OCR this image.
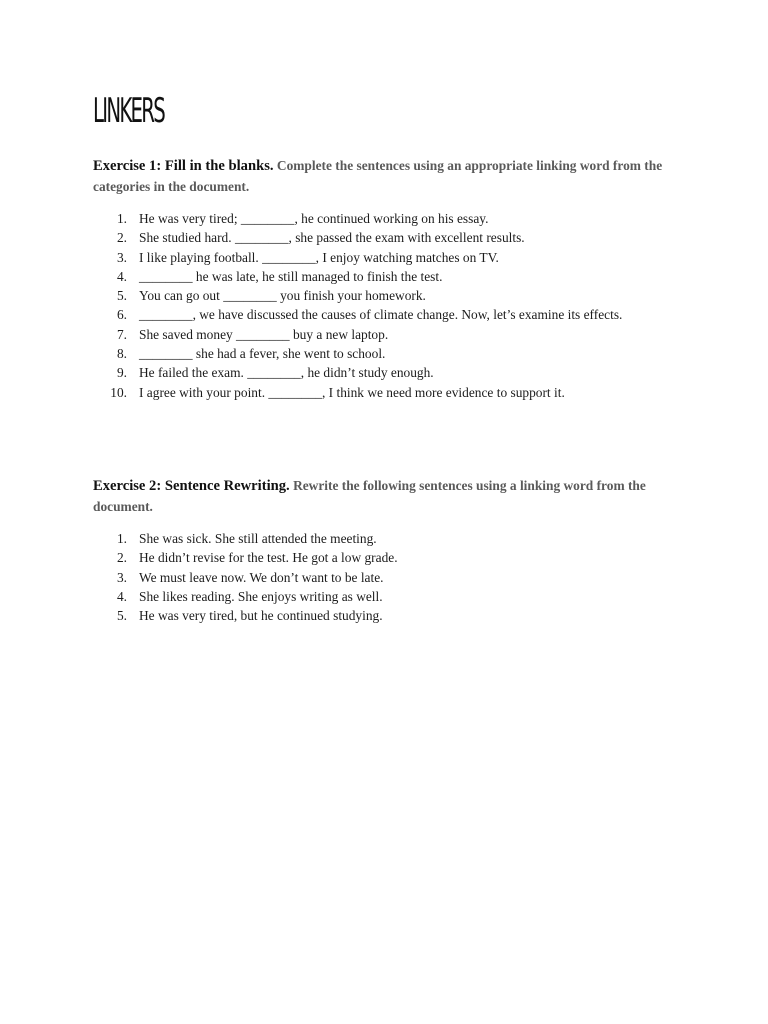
LINKERS

Exercise 1: Fill in the blanks. Complete the sentences using an appropriate linking word from the categories in the document.

1. He was very tired; ________, he continued working on his essay.
2. She studied hard. ________, she passed the exam with excellent results.
3. I like playing football. ________, I enjoy watching matches on TV.
4. ________ he was late, he still managed to finish the test.
5. You can go out ________ you finish your homework.
6. ________, we have discussed the causes of climate change. Now, let’s examine its effects.
7. She saved money ________ buy a new laptop.
8. ________ she had a fever, she went to school.
9. He failed the exam. ________, he didn’t study enough.
10. I agree with your point. ________, I think we need more evidence to support it.

Exercise 2: Sentence Rewriting. Rewrite the following sentences using a linking word from the document.

1. She was sick. She still attended the meeting.
2. He didn’t revise for the test. He got a low grade.
3. We must leave now. We don’t want to be late.
4. She likes reading. She enjoys writing as well.
5. He was very tired, but he continued studying.
